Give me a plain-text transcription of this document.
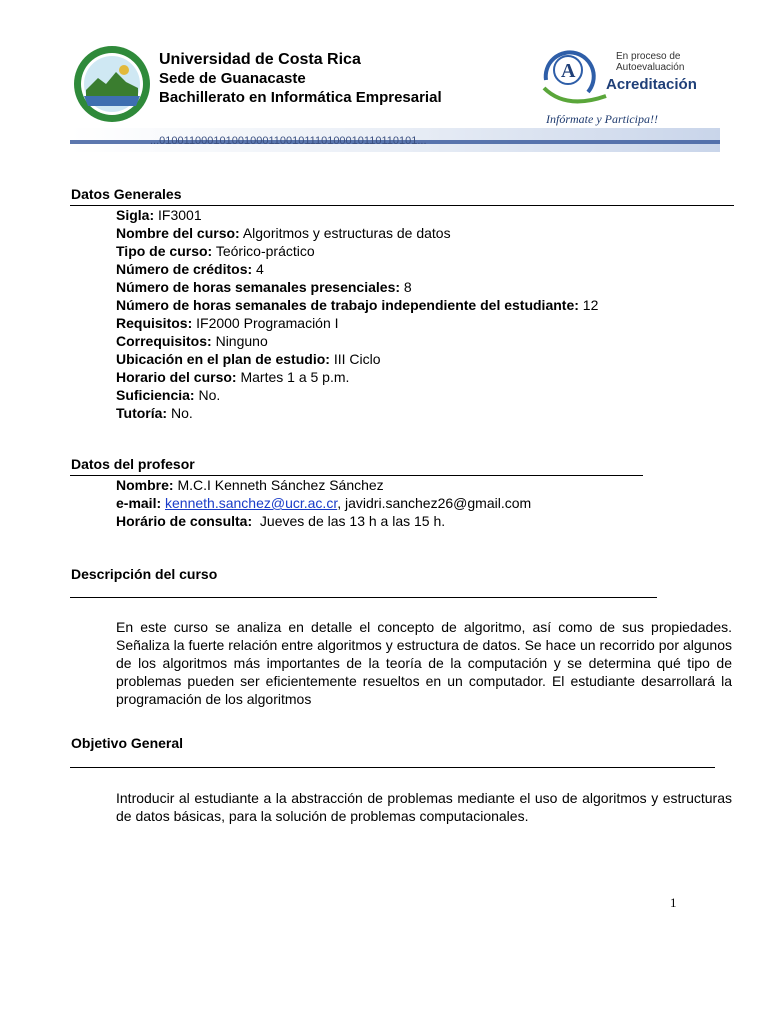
Universidad de Costa Rica
Sede de Guanacaste
Bachillerato en Informática Empresarial
A
En proceso de
Autoevaluación
Acreditación
Infórmate y Participa!!
...0100110001010010001100101110100010110110101...
Datos Generales
Sigla: IF3001
Nombre del curso: Algoritmos y estructuras de datos
Tipo de curso: Teórico-práctico
Número de créditos: 4
Número de horas semanales presenciales: 8
Número de horas semanales de trabajo independiente del estudiante: 12
Requisitos: IF2000 Programación I
Correquisitos: Ninguno
Ubicación en el plan de estudio: III Ciclo
Horario del curso: Martes 1 a 5 p.m.
Suficiencia: No.
Tutoría: No.
Datos del profesor
Nombre: M.C.I Kenneth Sánchez Sánchez
e-mail: kenneth.sanchez@ucr.ac.cr, javidri.sanchez26@gmail.com
Horário de consulta:  Jueves de las 13 h a las 15 h.
Descripción del curso
En este curso se analiza en detalle el concepto de algoritmo, así como de sus propiedades. Señaliza la fuerte relación entre algoritmos y estructura de datos. Se hace un recorrido por algunos de los algoritmos más importantes de la teoría de la computación y se determina qué tipo de problemas pueden ser eficientemente resueltos en un computador. El estudiante desarrollará la programación de los algoritmos
Objetivo General
Introducir al estudiante a la abstracción de problemas mediante el uso de algoritmos y estructuras de datos básicas, para la solución de problemas computacionales.
1
